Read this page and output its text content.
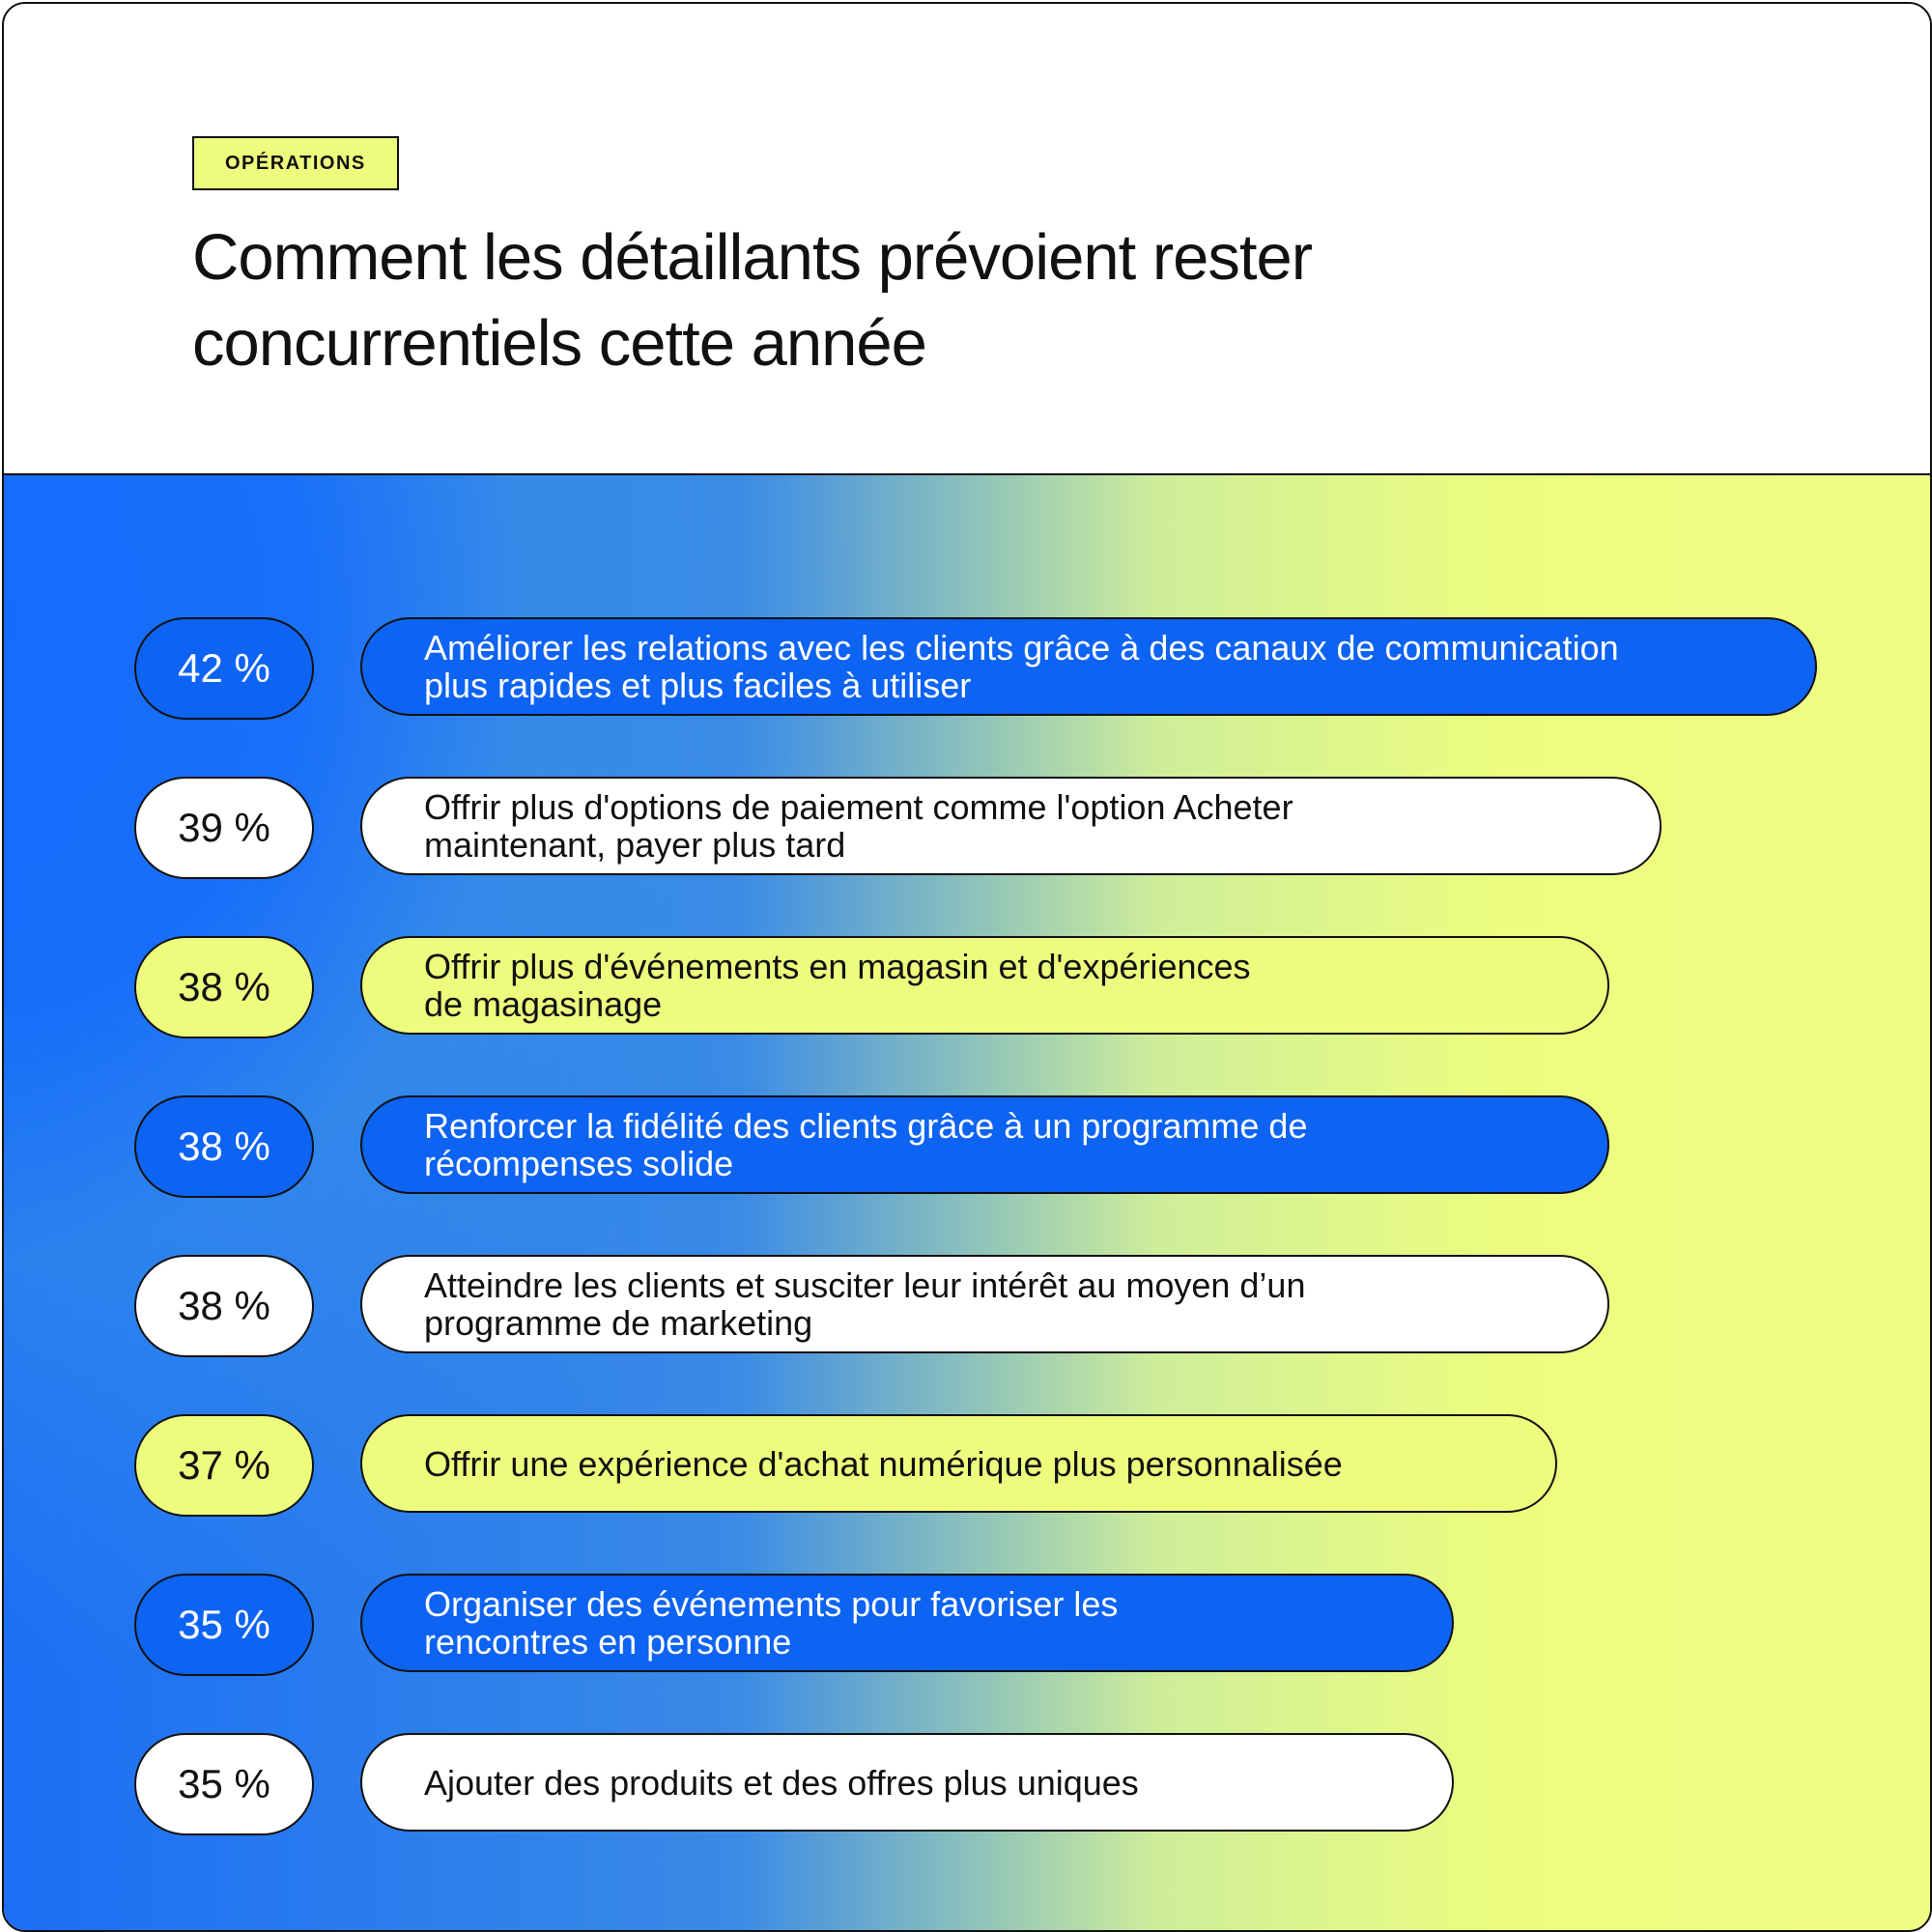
OPÉRATIONS
Comment les détaillants prévoient rester
concurrentiels cette année
42 %	Améliorer les relations avec les clients grâce à des canaux de communication
plus rapides et plus faciles à utiliser
39 %	Offrir plus d'options de paiement comme l'option Acheter
maintenant, payer plus tard
38 %	Offrir plus d'événements en magasin et d'expériences
de magasinage
38 %	Renforcer la fidélité des clients grâce à un programme de
récompenses solide
38 %	Atteindre les clients et susciter leur intérêt au moyen d’un
programme de marketing
37 %	Offrir une expérience d'achat numérique plus personnalisée
35 %	Organiser des événements pour favoriser les
rencontres en personne
35 %	Ajouter des produits et des offres plus uniques
